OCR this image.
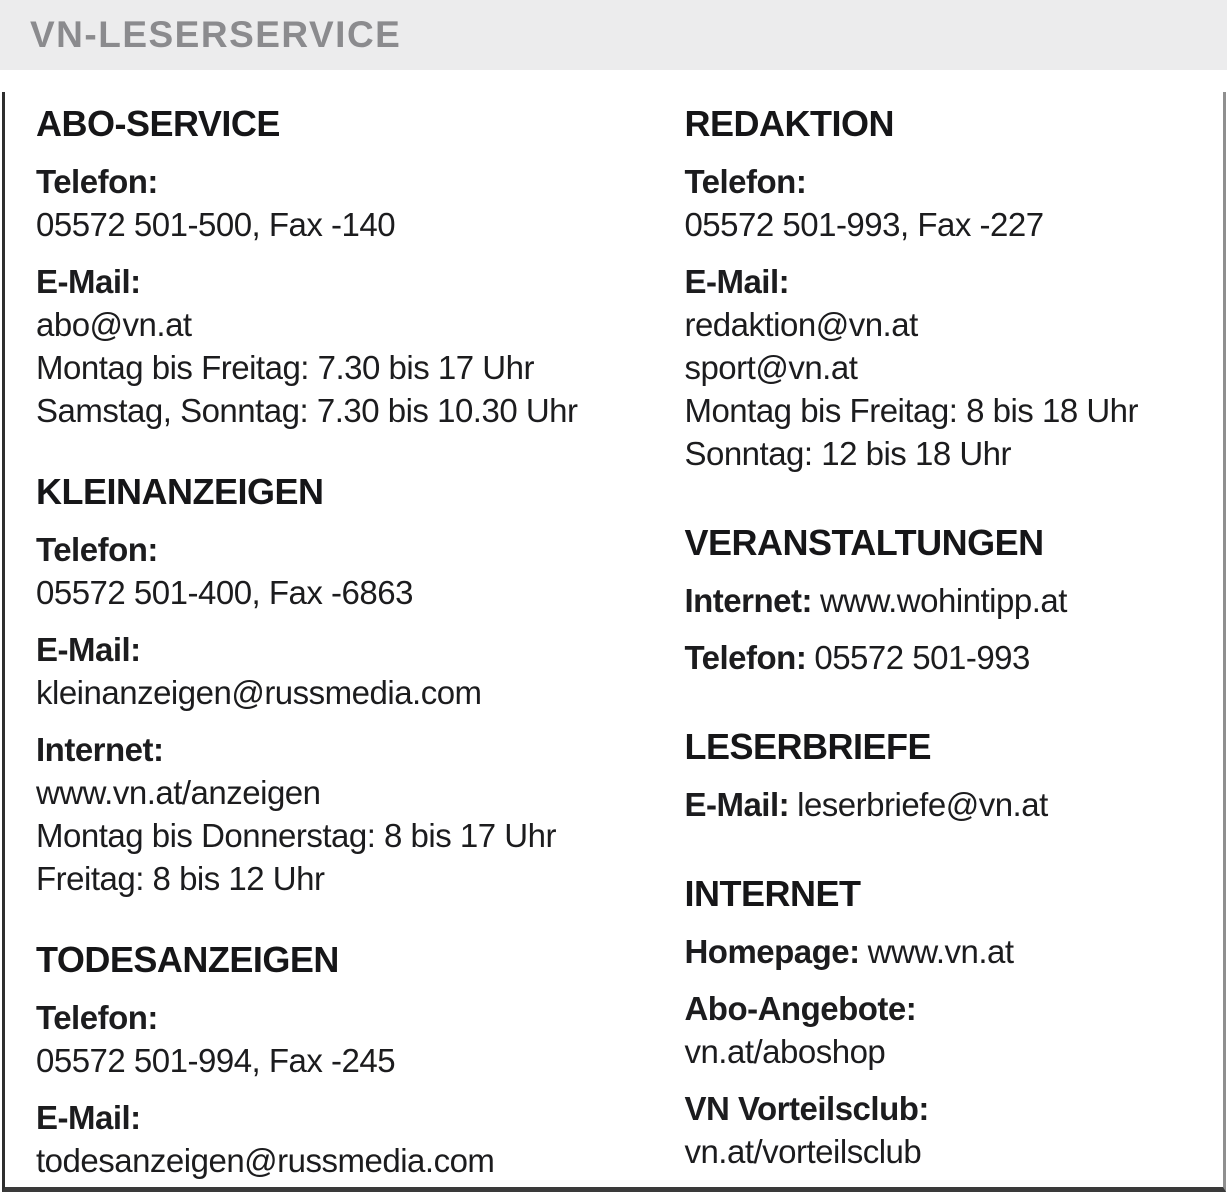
VN-LESERSERVICE
ABO-SERVICE

Telefon:

05572 501-500, Fax -140

E-Mail:

abo@vn.at

Montag bis Freitag: 7.30 bis 17 Uhr

Samstag, Sonntag: 7.30 bis 10.30 Uhr

KLEINANZEIGEN

Telefon:

05572 501-400, Fax -6863

E-Mail:

kleinanzeigen@russmedia.com

Internet:

www.vn.at/anzeigen

Montag bis Donnerstag: 8 bis 17 Uhr

Freitag: 8 bis 12 Uhr

TODESANZEIGEN

Telefon:

05572 501-994, Fax -245

E-Mail:

todesanzeigen@russmedia.com

REDAKTION

Telefon:

05572 501-993, Fax -227

E-Mail:

redaktion@vn.at

sport@vn.at

Montag bis Freitag: 8 bis 18 Uhr

Sonntag: 12 bis 18 Uhr

VERANSTALTUNGEN

Internet: www.wohintipp.at

Telefon: 05572 501-993

LESERBRIEFE

E-Mail: leserbriefe@vn.at

INTERNET

Homepage: www.vn.at

Abo-Angebote:

vn.at/aboshop

VN Vorteilsclub:

vn.at/vorteilsclub
